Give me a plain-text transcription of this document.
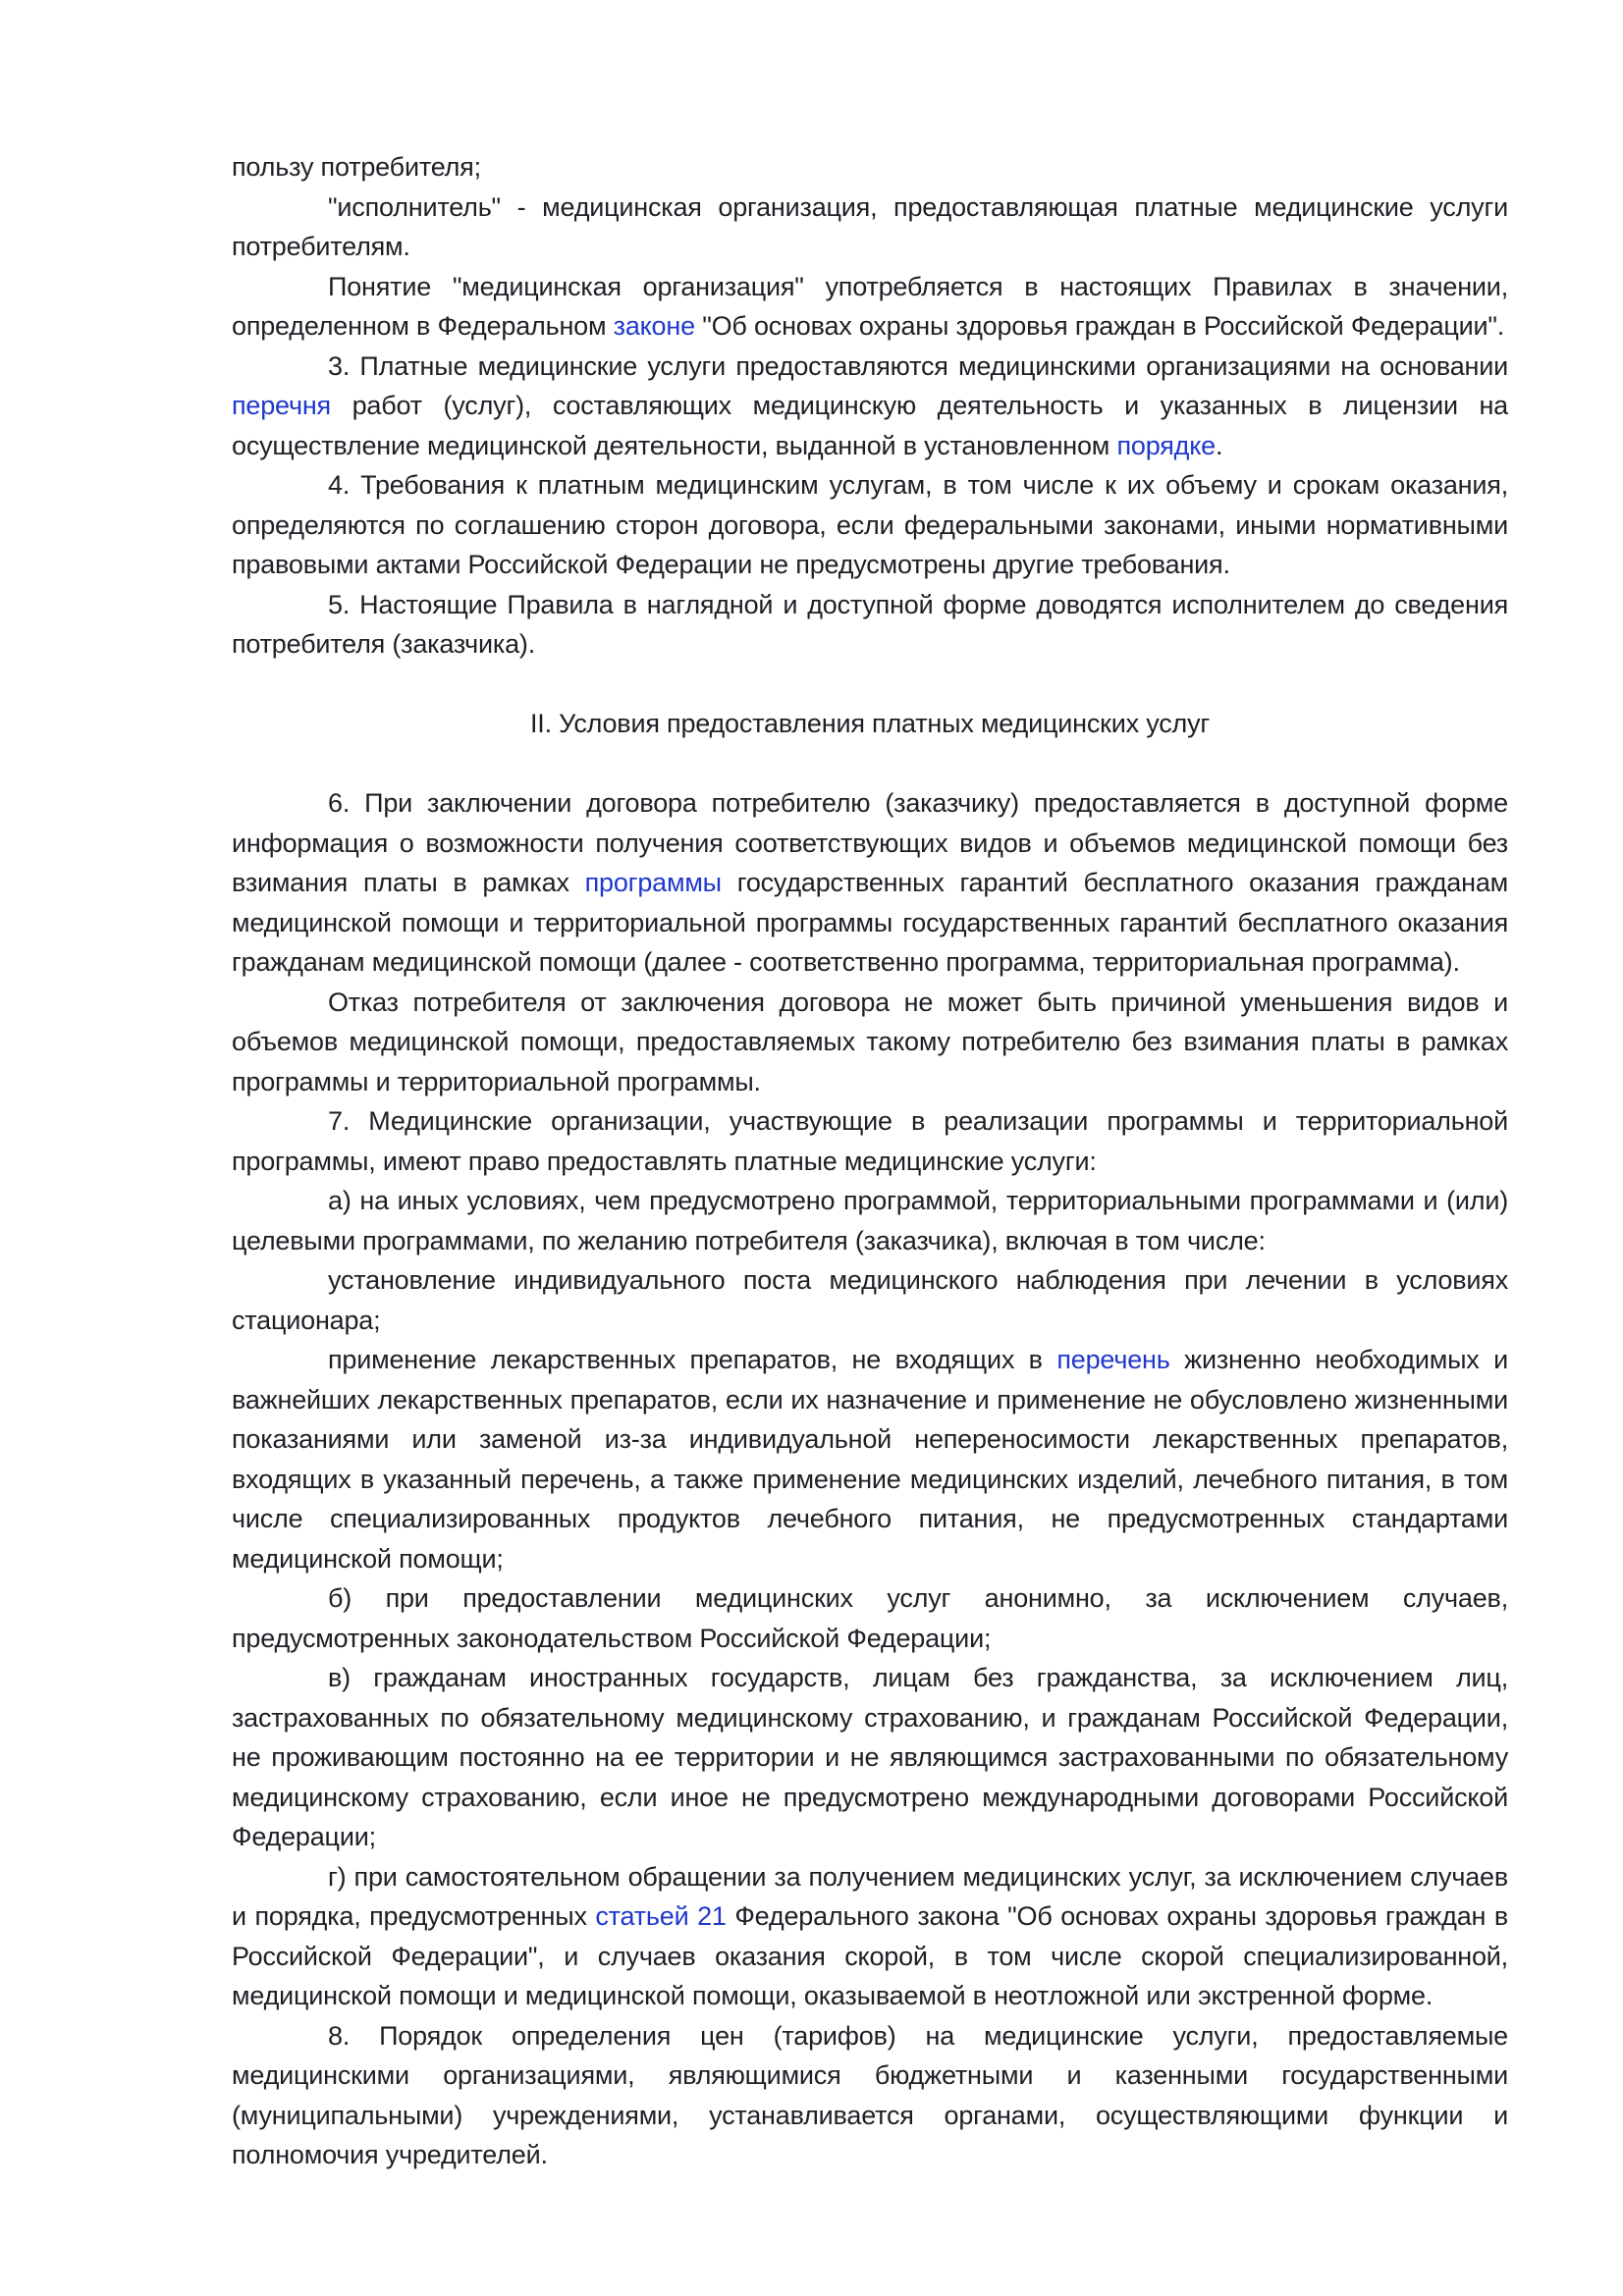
пользу потребителя;

"исполнитель" - медицинская организация, предоставляющая платные медицинские услуги потребителям.

Понятие "медицинская организация" употребляется в настоящих Правилах в значении, определенном в Федеральном законе "Об основах охраны здоровья граждан в Российской Федерации".

3. Платные медицинские услуги предоставляются медицинскими организациями на основании перечня работ (услуг), составляющих медицинскую деятельность и указанных в лицензии на осуществление медицинской деятельности, выданной в установленном порядке.

4. Требования к платным медицинским услугам, в том числе к их объему и срокам оказания, определяются по соглашению сторон договора, если федеральными законами, иными нормативными правовыми актами Российской Федерации не предусмотрены другие требования.

5. Настоящие Правила в наглядной и доступной форме доводятся исполнителем до сведения потребителя (заказчика).

II. Условия предоставления платных медицинских услуг

6. При заключении договора потребителю (заказчику) предоставляется в доступной форме информация о возможности получения соответствующих видов и объемов медицинской помощи без взимания платы в рамках программы государственных гарантий бесплатного оказания гражданам медицинской помощи и территориальной программы государственных гарантий бесплатного оказания гражданам медицинской помощи (далее - соответственно программа, территориальная программа).

Отказ потребителя от заключения договора не может быть причиной уменьшения видов и объемов медицинской помощи, предоставляемых такому потребителю без взимания платы в рамках программы и территориальной программы.

7. Медицинские организации, участвующие в реализации программы и территориальной программы, имеют право предоставлять платные медицинские услуги:

а) на иных условиях, чем предусмотрено программой, территориальными программами и (или) целевыми программами, по желанию потребителя (заказчика), включая в том числе:

установление индивидуального поста медицинского наблюдения при лечении в условиях стационара;

применение лекарственных препаратов, не входящих в перечень жизненно необходимых и важнейших лекарственных препаратов, если их назначение и применение не обусловлено жизненными показаниями или заменой из-за индивидуальной непереносимости лекарственных препаратов, входящих в указанный перечень, а также применение медицинских изделий, лечебного питания, в том числе специализированных продуктов лечебного питания, не предусмотренных стандартами медицинской помощи;

б) при предоставлении медицинских услуг анонимно, за исключением случаев, предусмотренных законодательством Российской Федерации;

в) гражданам иностранных государств, лицам без гражданства, за исключением лиц, застрахованных по обязательному медицинскому страхованию, и гражданам Российской Федерации, не проживающим постоянно на ее территории и не являющимся застрахованными по обязательному медицинскому страхованию, если иное не предусмотрено международными договорами Российской Федерации;

г) при самостоятельном обращении за получением медицинских услуг, за исключением случаев и порядка, предусмотренных статьей 21 Федерального закона "Об основах охраны здоровья граждан в Российской Федерации", и случаев оказания скорой, в том числе скорой специализированной, медицинской помощи и медицинской помощи, оказываемой в неотложной или экстренной форме.

8. Порядок определения цен (тарифов) на медицинские услуги, предоставляемые медицинскими организациями, являющимися бюджетными и казенными государственными (муниципальными) учреждениями, устанавливается органами, осуществляющими функции и полномочия учредителей.
